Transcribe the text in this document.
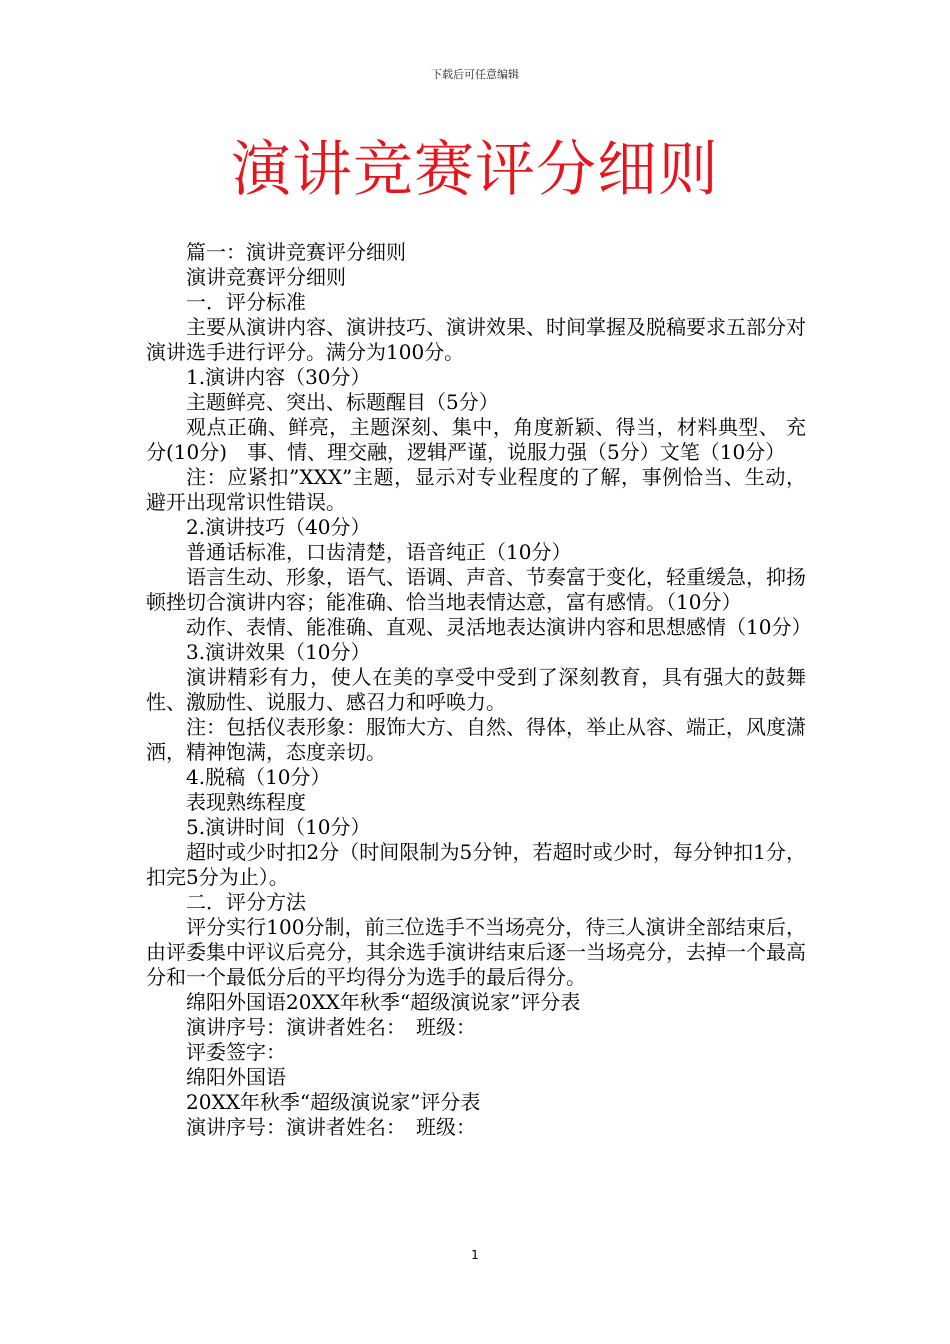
下载后可任意编辑
演讲竞赛评分细则

篇一：演讲竞赛评分细则

演讲竞赛评分细则

一．评分标准

主要从演讲内容、演讲技巧、演讲效果、时间掌握及脱稿要求五部分对演讲选手进行评分。满分为100分。

1.演讲内容（30分）

主题鲜亮、突出、标题醒目（5分）

观点正确、鲜亮，主题深刻、集中，角度新颖、得当，材料典型、 充分(10分)　事、情、理交融，逻辑严谨，说服力强（5分）文笔（10分）

注：应紧扣”XXX”主题，显示对专业程度的了解，事例恰当、生动，避开出现常识性错误。

2.演讲技巧（40分）

普通话标准，口齿清楚，语音纯正（10分）

语言生动、形象，语气、语调、声音、节奏富于变化，轻重缓急，抑扬顿挫切合演讲内容；能准确、恰当地表情达意，富有感情。（10分）

动作、表情、能准确、直观、灵活地表达演讲内容和思想感情（10分）

3.演讲效果（10分）

演讲精彩有力，使人在美的享受中受到了深刻教育，具有强大的鼓舞性、激励性、说服力、感召力和呼唤力。

注：包括仪表形象：服饰大方、自然、得体，举止从容、端正，风度潇洒，精神饱满，态度亲切。

4.脱稿（10分）

表现熟练程度

5.演讲时间（10分）

超时或少时扣2分（时间限制为5分钟，若超时或少时，每分钟扣1分，扣完5分为止）。

二．评分方法

评分实行100分制，前三位选手不当场亮分，待三人演讲全部结束后，由评委集中评议后亮分，其余选手演讲结束后逐一当场亮分，去掉一个最高分和一个最低分后的平均得分为选手的最后得分。

绵阳外国语20XX年秋季“超级演说家”评分表

演讲序号：演讲者姓名：　班级：

评委签字：

绵阳外国语

20XX年秋季“超级演说家”评分表

演讲序号：演讲者姓名：　班级：

1
